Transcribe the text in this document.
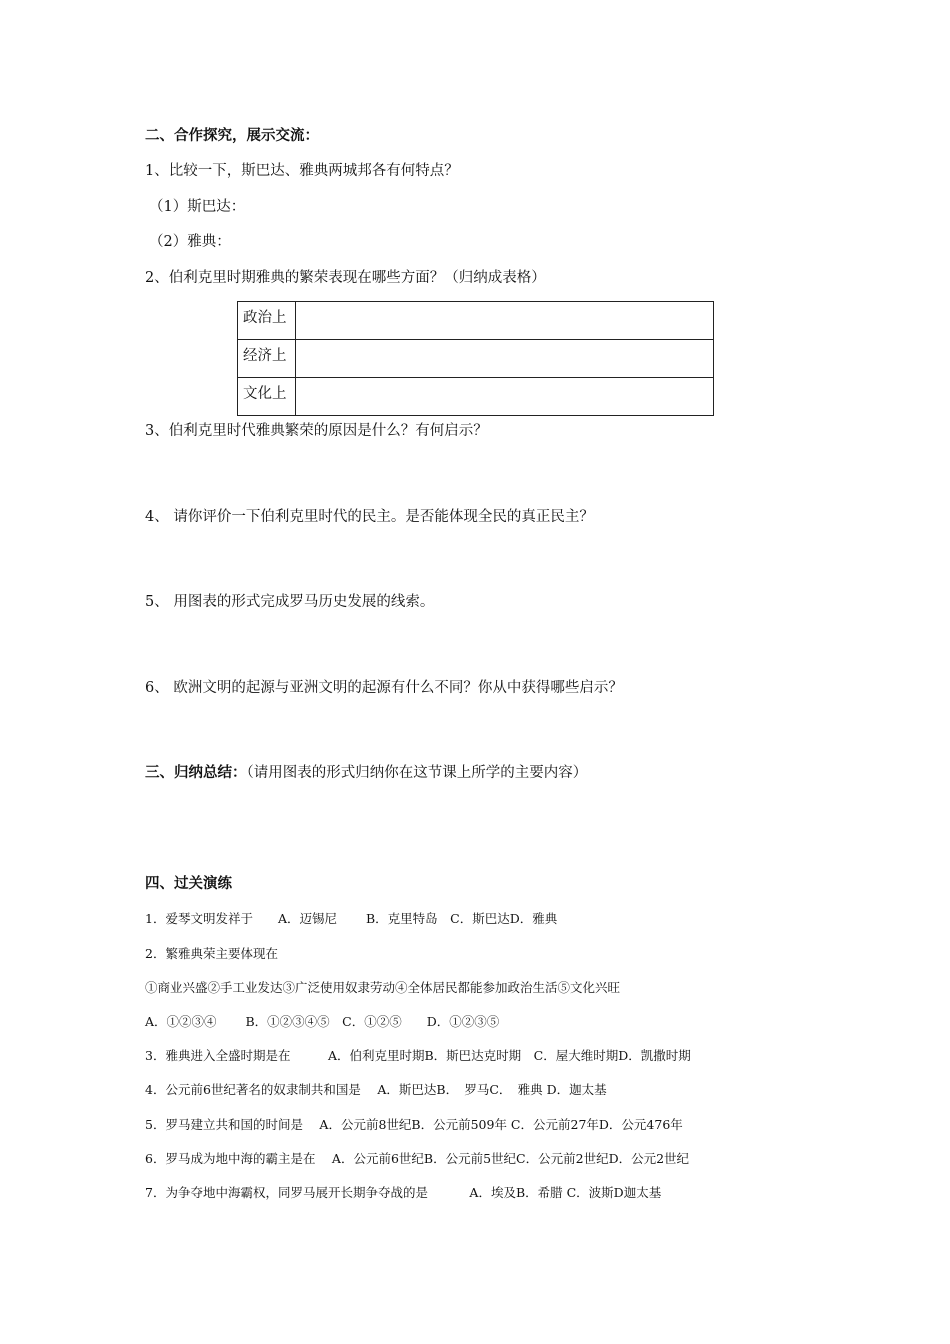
二、合作探究，展示交流：
1、比较一下，斯巴达、雅典两城邦各有何特点？
（1）斯巴达：
（2）雅典：
2、伯利克里时期雅典的繁荣表现在哪些方面？（归纳成表格）
政治上	
经济上	
文化上	
3、伯利克里时代雅典繁荣的原因是什么？有何启示？
4、 请你评价一下伯利克里时代的民主。是否能体现全民的真正民主？
5、 用图表的形式完成罗马历史发展的线索。
6、 欧洲文明的起源与亚洲文明的起源有什么不同？你从中获得哪些启示？
三、归纳总结：（请用图表的形式归纳你在这节课上所学的主要内容）
四、过关演练
1．爱琴文明发祥于　　A．迈锡尼　　 B．克里特岛　C．斯巴达D．雅典
2．繁雅典荣主要体现在
①商业兴盛②手工业发达③广泛使用奴隶劳动④全体居民都能参加政治生活⑤文化兴旺
A．①②③④　　 B．①②③④⑤　C．①②⑤　　D．①②③⑤
3．雅典进入全盛时期是在　　　A．伯利克里时期B．斯巴达克时期　C．屋大维时期D．凯撒时期
4．公元前6世纪著名的奴隶制共和国是　 A．斯巴达B．　罗马C．　雅典 D．迦太基
5．罗马建立共和国的时间是　 A．公元前8世纪B．公元前509年 C．公元前27年D．公元476年
6．罗马成为地中海的霸主是在　 A．公元前6世纪B．公元前5世纪C．公元前2世纪D．公元2世纪
7．为争夺地中海霸权，同罗马展开长期争夺战的是　　　 A．埃及B．希腊 C．波斯D迦太基
